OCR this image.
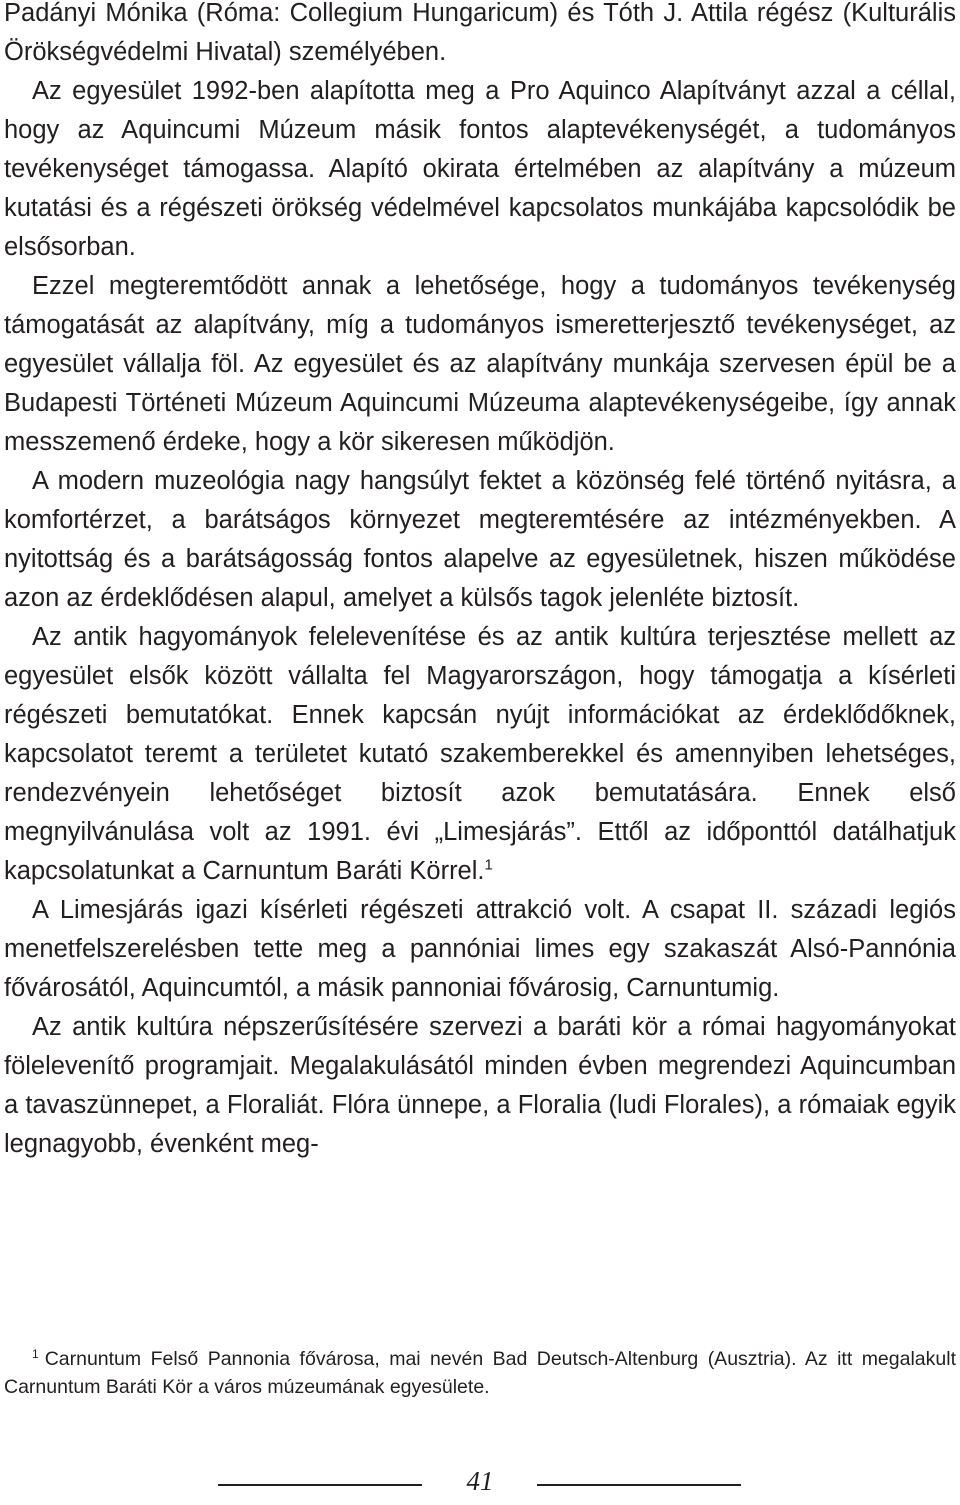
Padányi Mónika (Róma: Collegium Hungaricum) és Tóth J. Attila régész (Kulturális Örökségvédelmi Hivatal) személyében.

Az egyesület 1992-ben alapította meg a Pro Aquinco Alapítványt azzal a céllal, hogy az Aquincumi Múzeum másik fontos alaptevékenységét, a tudományos tevékenységet támogassa. Alapító okirata értelmében az alapítvány a múzeum kutatási és a régészeti örökség védelmével kapcsolatos munkájába kapcsolódik be elsősorban.

Ezzel megteremtődött annak a lehetősége, hogy a tudományos tevékenység támogatását az alapítvány, míg a tudományos ismeretterjesztő tevékenységet, az egyesület vállalja föl. Az egyesület és az alapítvány munkája szervesen épül be a Budapesti Történeti Múzeum Aquincumi Múzeuma alaptevékenységeibe, így annak messzemenő érdeke, hogy a kör sikeresen működjön.

A modern muzeológia nagy hangsúlyt fektet a közönség felé történő nyitásra, a komfortérzet, a barátságos környezet megteremtésére az intézményekben. A nyitottság és a barátságosság fontos alapelve az egyesületnek, hiszen működése azon az érdeklődésen alapul, amelyet a külsős tagok jelenléte biztosít.

Az antik hagyományok felelevenítése és az antik kultúra terjesztése mellett az egyesület elsők között vállalta fel Magyarországon, hogy támogatja a kísérleti régészeti bemutatókat. Ennek kapcsán nyújt információkat az érdeklődőknek, kapcsolatot teremt a területet kutató szakemberekkel és amennyiben lehetséges, rendezvényein lehetőséget biztosít azok bemutatására. Ennek első megnyilvánulása volt az 1991. évi „Limesjárás”. Ettől az időponttól datálhatjuk kapcsolatunkat a Carnuntum Baráti Körrel.$^1$

A Limesjárás igazi kísérleti régészeti attrakció volt. A csapat II. századi legiós menetfelszerelésben tette meg a pannóniai limes egy szakaszát Alsó-Pannónia fővárosától, Aquincumtól, a másik pannoniai fővárosig, Carnuntumig.

Az antik kultúra népszerűsítésére szervezi a baráti kör a római hagyományokat fölelevenítő programjait. Megalakulásától minden évben megrendezi Aquincumban a tavaszünnepet, a Floraliát. Flóra ünnepe, a Floralia (ludi Florales), a rómaiak egyik legnagyobb, évenként meg-

$^1$ Carnuntum Felső Pannonia fővárosa, mai nevén Bad Deutsch-Altenburg (Ausztria). Az itt megalakult Carnuntum Baráti Kör a város múzeumának egyesülete.

41
